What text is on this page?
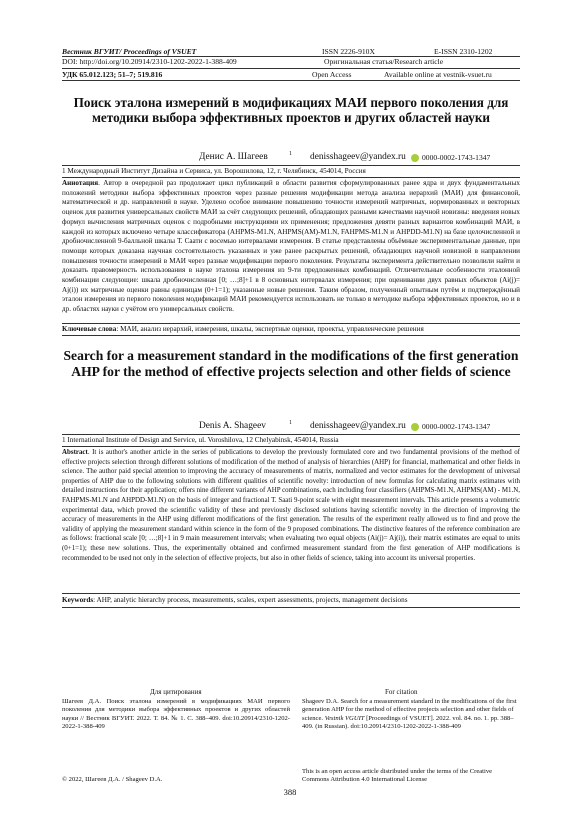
Вестник ВГУИТ/ Proceedings of VSUET	ISSN 2226-910X	E-ISSN 2310-1202
DOI: http://doi.org/10.20914/2310-1202-2022-1-388-409	Оригинальная статья/Research article
УДК 65.012.123; 51–7; 519.816	Open Access	Available online at vestnik-vsuet.ru
Поиск эталона измерений в модификациях МАИ первого поколения для методики выбора эффективных проектов и других областей науки
Денис А. Шагеев	1 denisshageev@yandex.ru 0000-0002-1743-1347
1 Международный Институт Дизайна и Сервиса, ул. Ворошилова, 12, г. Челябинск, 454014, Россия
Аннотация. Автор в очередной раз продолжает цикл публикаций в области развития сформулированных ранее ядра и двух фундаментальных положений методики выбора эффективных проектов через разные решения модификации метода анализа иерархий (МАИ) для финансовой, математической и др. направлений в науке. Уделено особое внимание повышению точности измерений матричных, нормированных и векторных оценок для развития универсальных свойств МАИ за счёт следующих решений, обладающих разными качествами научной новизны: введения новых формул вычисления матричных оценок с подробными инструкциями их применения; предложения девяти разных вариантов комбинаций МАИ, в каждой из которых включено четыре классификатора (AHPMS-M1.N, AHPMS(AM)-M1.N, FAHPMS-M1.N и AHPDD-M1.N) на базе целочисленной и дробночисленной 9-балльной шкалы Т. Саати с восемью интервалами измерения. В статье представлены объёмные экспериментальные данные, при помощи которых доказана научная состоятельность указанных и уже ранее раскрытых решений, обладающих научной новизной в направлении повышения точности измерений в МАИ через разные модификации первого поколения. Результаты эксперимента действительно позволили найти и доказать правомерность использования в науке эталона измерения из 9-ти предложенных комбинаций. Отличительные особенности эталонной комбинации следующие: шкала дробночисленная [0; …;8]+1 в 8 основных интервалах измерения; при оценивании двух равных объектов (Ai(j)= Aj(i)) их матричные оценки равны единицам (0+1=1); указанные новые решения. Таким образом, полученный опытным путём и подтверждённый эталон измерения из первого поколения модификаций МАИ рекомендуется использовать не только в методике выбора эффективных проектов, но и в др. областях науки с учётом его универсальных свойств.
Ключевые слова: МАИ, анализ иерархий, измерения, шкалы, экспертные оценки, проекты, управленческие решения
Search for a measurement standard in the modifications of the first generation AHP for the method of effective projects selection and other fields of science
Denis A. Shageev	1 denisshageev@yandex.ru 0000-0002-1743-1347
1 International Institute of Design and Service, ul. Voroshilova, 12 Chelyabinsk, 454014, Russia
Abstract. It is author's another article in the series of publications to develop the previously formulated core and two fundamental provisions of the method of effective projects selection through different solutions of modification of the method of analysis of hierarchies (AHP) for financial, mathematical and other fields in science. The author paid special attention to improving the accuracy of measurements of matrix, normalized and vector estimates for the development of universal properties of AHP due to the following solutions with different qualities of scientific novelty: introduction of new formulas for calculating matrix estimates with detailed instructions for their application; offers nine different variants of AHP combinations, each including four classifiers (AHPMS-M1.N, AHPMS(AM) - M1.N, FAHPMS-M1.N and AHPDD-M1.N) on the basis of integer and fractional T. Saati 9-point scale with eight measurement intervals. This article presents a volumetric experimental data, which proved the scientific validity of these and previously disclosed solutions having scientific novelty in the direction of improving the accuracy of measurements in the AHP using different modifications of the first generation. The results of the experiment really allowed us to find and prove the validity of applying the measurement standard within science in the form of the 9 proposed combinations. The distinctive features of the reference combination are as follows: fractional scale [0; …;8]+1 in 9 main measurement intervals; when evaluating two equal objects (Ai(j)= Aj(i)), their matrix estimates are equal to units (0+1=1); these new solutions. Thus, the experimentally obtained and confirmed measurement standard from the first generation of AHP modifications is recommended to be used not only in the selection of effective projects, but also in other fields of science, taking into account its universal properties.
Keywords: AHP, analytic hierarchy process, measurements, scales, expert assessments, projects, management decisions
Для цитирования	For citation
Шагеев Д.А. Поиск эталона измерений в модификациях МАИ первого поколения для методики выбора эффективных проектов и других областей науки // Вестник ВГУИТ. 2022. Т. 84. № 1. С. 388–409. doi:10.20914/2310-1202-2022-1-388-409
Shageev D.A. Search for a measurement standard in the modifications of the first generation AHP for the method of effective projects selection and other fields of science. Vestnik VGUIT [Proceedings of VSUET]. 2022. vol. 84. no. 1. pp. 388–409. (in Russian). doi:10.20914/2310-1202-2022-1-388-409
This is an open access article distributed under the terms of the Creative Commons Attribution 4.0 International License
© 2022, Шагеев Д.А. / Shageev D.A.
388
